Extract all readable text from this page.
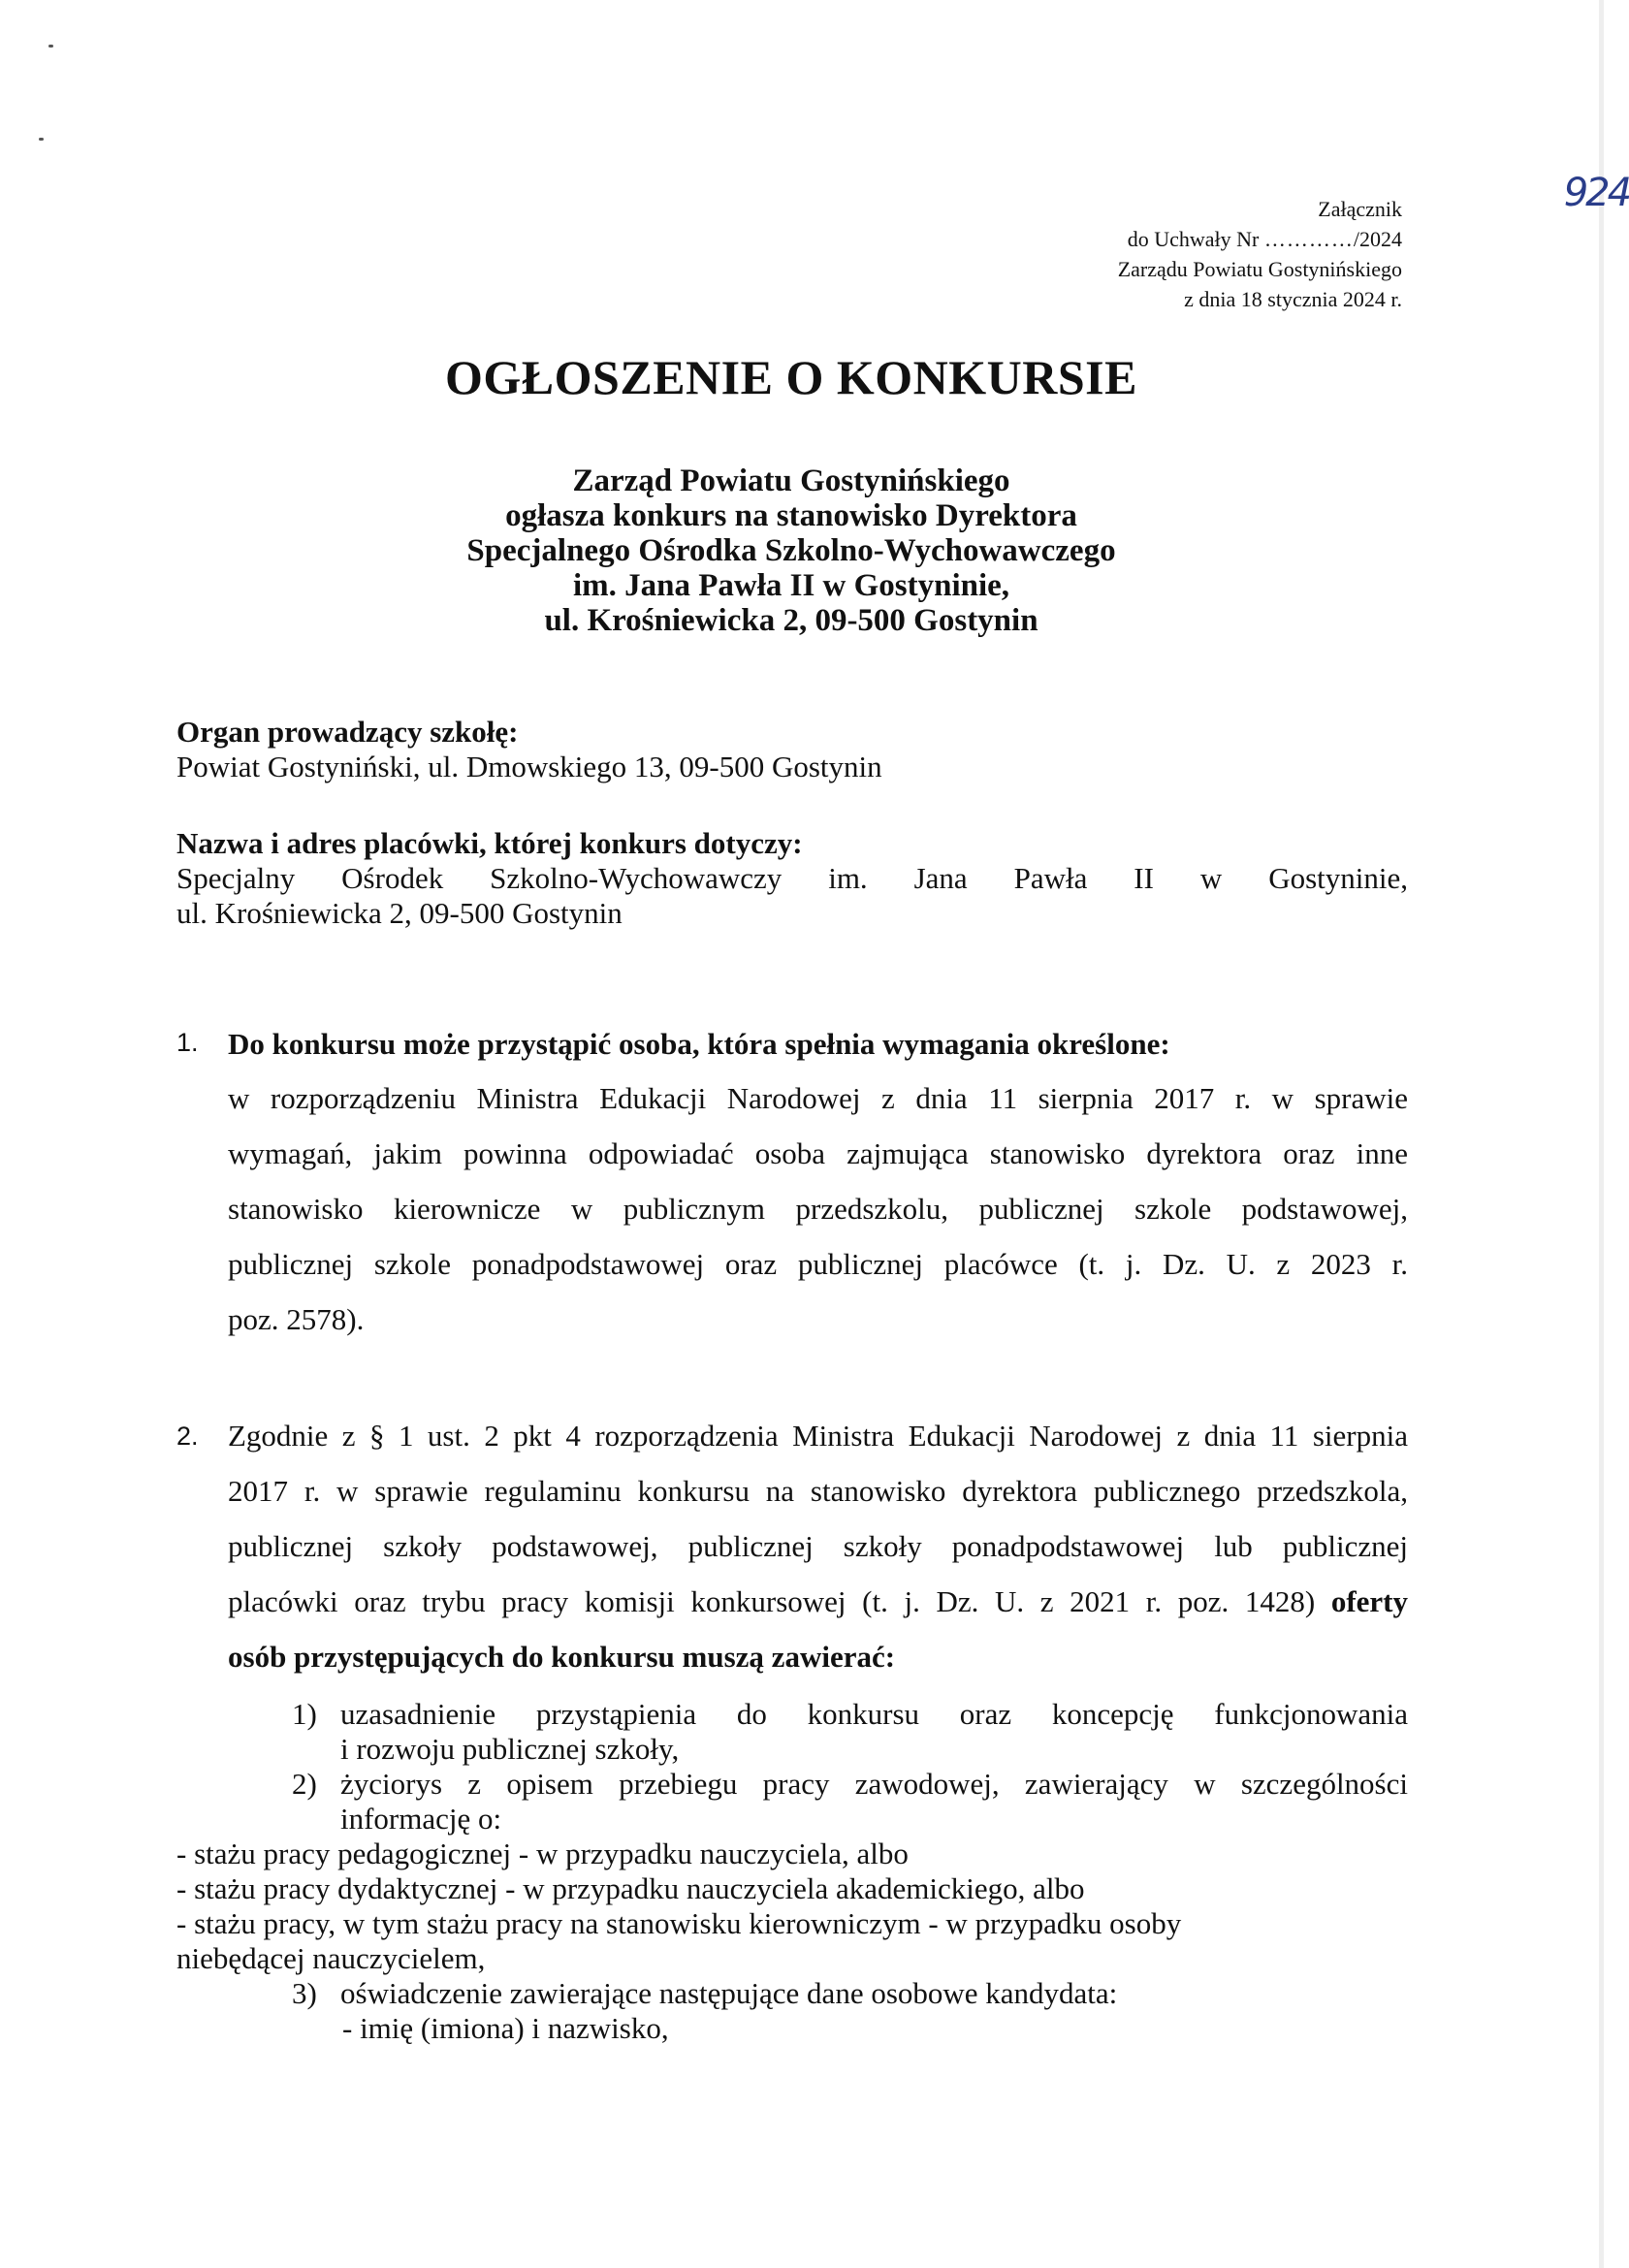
924
Załącznik
do Uchwały Nr …………/2024
Zarządu Powiatu Gostynińskiego
z dnia 18 stycznia 2024 r.
OGŁOSZENIE O KONKURSIE
Zarząd Powiatu Gostynińskiego
ogłasza konkurs na stanowisko Dyrektora
Specjalnego Ośrodka Szkolno-Wychowawczego
im. Jana Pawła II w Gostyninie,
ul. Krośniewicka 2, 09-500 Gostynin
Organ prowadzący szkołę:
Powiat Gostyniński, ul. Dmowskiego 13, 09-500 Gostynin
Nazwa i adres placówki, której konkurs dotyczy:
Specjalny Ośrodek Szkolno-Wychowawczy im. Jana Pawła II w Gostyninie,
ul. Krośniewicka 2, 09-500 Gostynin
1. Do konkursu może przystąpić osoba, która spełnia wymagania określone:
w rozporządzeniu Ministra Edukacji Narodowej z dnia 11 sierpnia 2017 r. w sprawie
wymagań, jakim powinna odpowiadać osoba zajmująca stanowisko dyrektora oraz inne
stanowisko kierownicze w publicznym przedszkolu, publicznej szkole podstawowej,
publicznej szkole ponadpodstawowej oraz publicznej placówce (t. j. Dz. U. z 2023 r.
poz. 2578).
2. Zgodnie z § 1 ust. 2 pkt 4 rozporządzenia Ministra Edukacji Narodowej z dnia 11 sierpnia
2017 r. w sprawie regulaminu konkursu na stanowisko dyrektora publicznego przedszkola,
publicznej szkoły podstawowej, publicznej szkoły ponadpodstawowej lub publicznej
placówki oraz trybu pracy komisji konkursowej (t. j. Dz. U. z 2021 r. poz. 1428) oferty
osób przystępujących do konkursu muszą zawierać:
1) uzasadnienie przystąpienia do konkursu oraz koncepcję funkcjonowania
i rozwoju publicznej szkoły,
2) życiorys z opisem przebiegu pracy zawodowej, zawierający w szczególności
informację o:
- stażu pracy pedagogicznej - w przypadku nauczyciela, albo
- stażu pracy dydaktycznej - w przypadku nauczyciela akademickiego, albo
- stażu pracy, w tym stażu pracy na stanowisku kierowniczym - w przypadku osoby
niebędącej nauczycielem,
3) oświadczenie zawierające następujące dane osobowe kandydata:
- imię (imiona) i nazwisko,
